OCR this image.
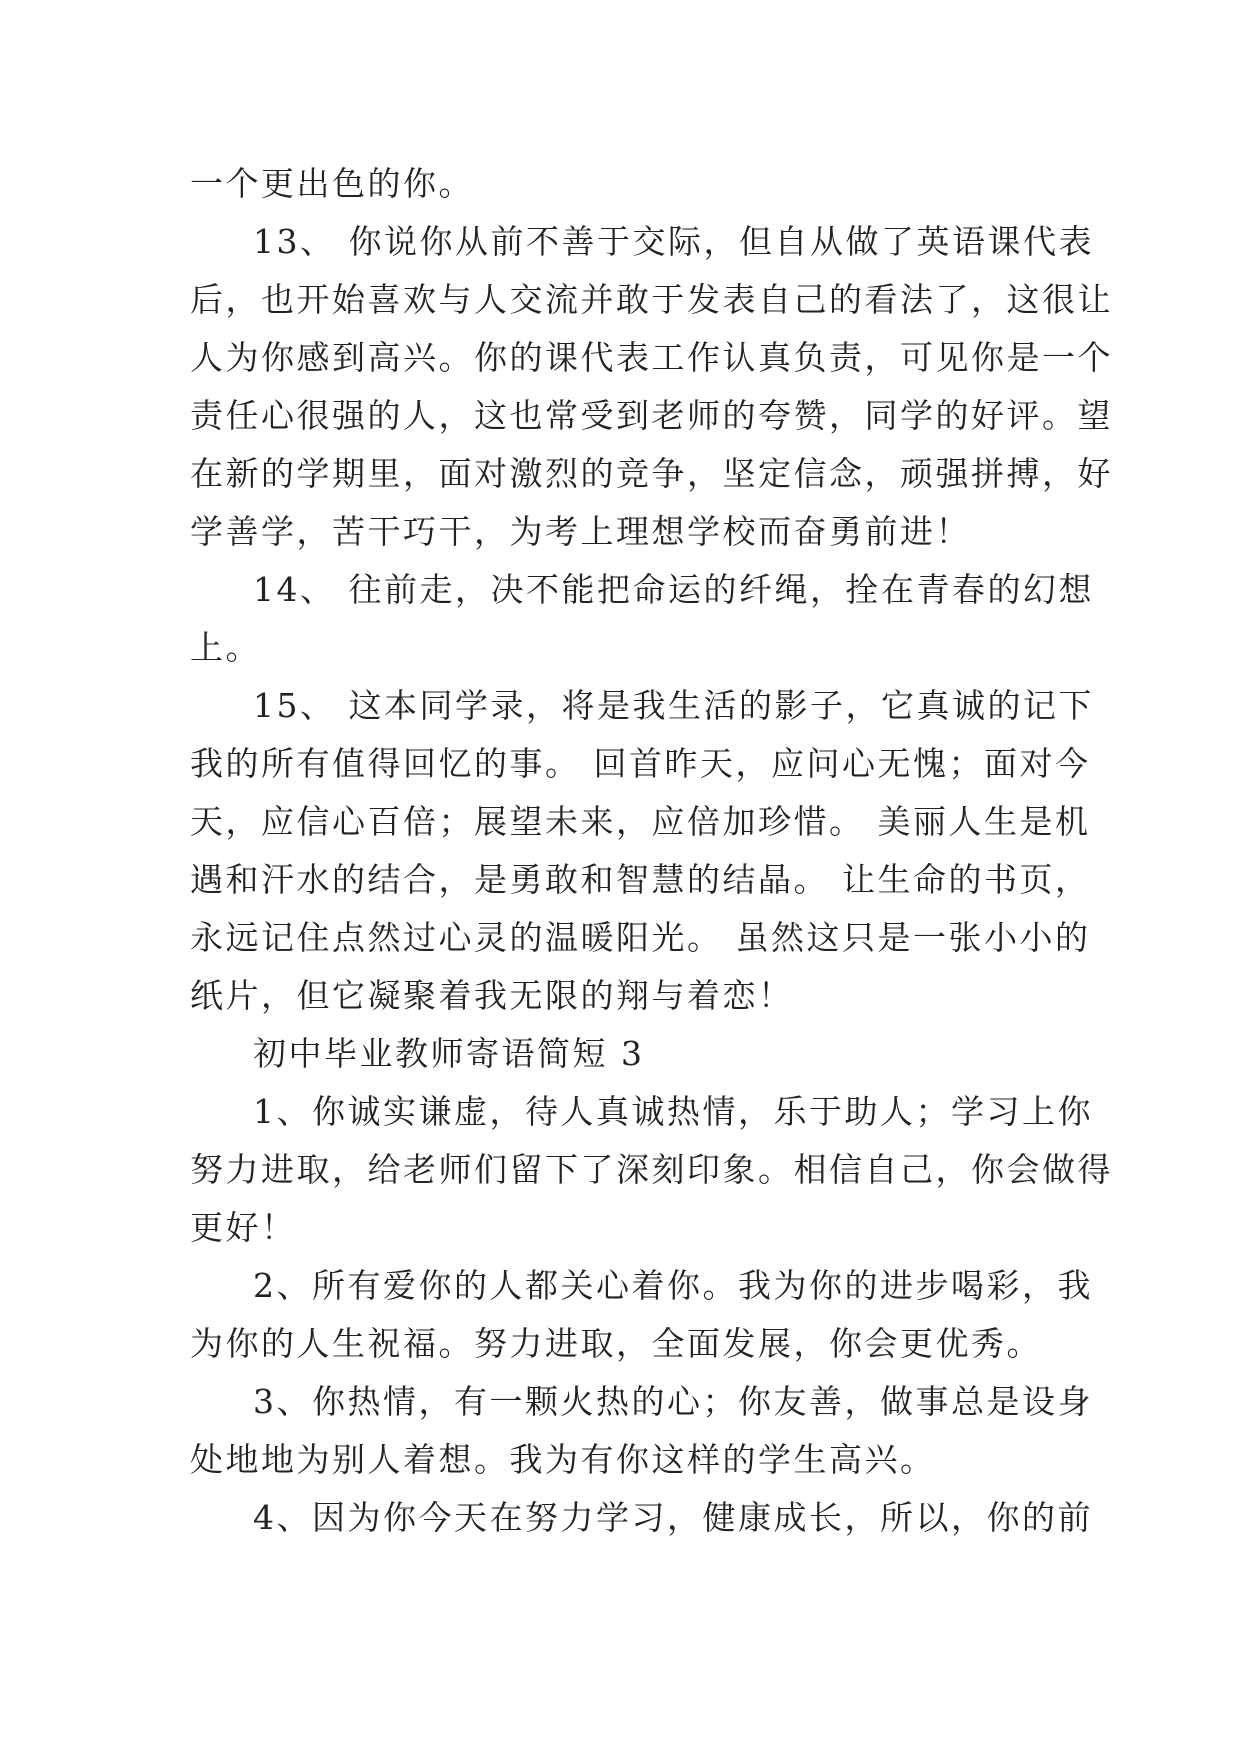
一个更出色的你。
13、 你说你从前不善于交际，但自从做了英语课代表
后，也开始喜欢与人交流并敢于发表自己的看法了，这很让
人为你感到高兴。你的课代表工作认真负责，可见你是一个
责任心很强的人，这也常受到老师的夸赞，同学的好评。望
在新的学期里，面对激烈的竞争，坚定信念，顽强拼搏，好
学善学，苦干巧干，为考上理想学校而奋勇前进！
14、 往前走，决不能把命运的纤绳，拴在青春的幻想
上。
15、 这本同学录，将是我生活的影子，它真诚的记下
我的所有值得回忆的事。 回首昨天，应问心无愧；面对今
天，应信心百倍；展望未来，应倍加珍惜。 美丽人生是机
遇和汗水的结合，是勇敢和智慧的结晶。 让生命的书页，
永远记住点然过心灵的温暖阳光。 虽然这只是一张小小的
纸片，但它凝聚着我无限的翔与着恋！
初中毕业教师寄语简短 3
1、你诚实谦虚，待人真诚热情，乐于助人；学习上你
努力进取，给老师们留下了深刻印象。相信自己，你会做得
更好！
2、所有爱你的人都关心着你。我为你的进步喝彩，我
为你的人生祝福。努力进取，全面发展，你会更优秀。
3、你热情，有一颗火热的心；你友善，做事总是设身
处地地为别人着想。我为有你这样的学生高兴。
4、因为你今天在努力学习，健康成长，所以，你的前
